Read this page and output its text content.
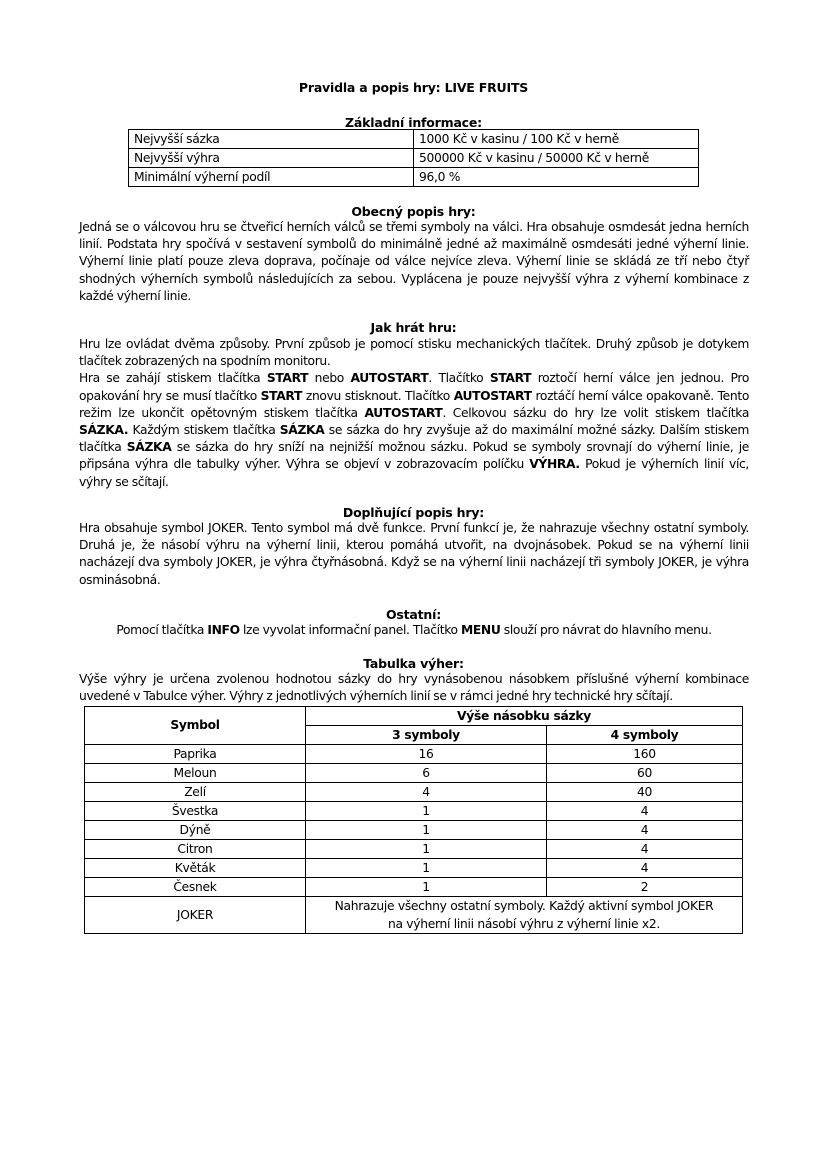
Pravidla a popis hry: LIVE FRUITS
Základní informace:
Nejvyšší sázka	1000 Kč v kasinu / 100 Kč v herně
Nejvyšší výhra	500000 Kč v kasinu / 50000 Kč v herně
Minimální výherní podíl	96,0 %
Obecný popis hry:
Jedná se o válcovou hru se čtveřicí herních válců se třemi symboly na válci. Hra obsahuje osmdesát jedna herních linií. Podstata hry spočívá v sestavení symbolů do minimálně jedné až maximálně osmdesáti jedné výherní linie. Výherní linie platí pouze zleva doprava, počínaje od válce nejvíce zleva. Výherní linie se skládá ze tří nebo čtyř shodných výherních symbolů následujících za sebou. Vyplácena je pouze nejvyšší výhra z výherní kombinace z každé výherní linie.
Jak hrát hru:
Hru lze ovládat dvěma způsoby. První způsob je pomocí stisku mechanických tlačítek. Druhý způsob je dotykem tlačítek zobrazených na spodním monitoru.
Hra se zahájí stiskem tlačítka START nebo AUTOSTART. Tlačítko START roztočí herní válce jen jednou. Pro opakování hry se musí tlačítko START znovu stisknout. Tlačítko AUTOSTART roztáčí herní válce opakovaně. Tento režim lze ukončit opětovným stiskem tlačítka AUTOSTART. Celkovou sázku do hry lze volit stiskem tlačítka SÁZKA. Každým stiskem tlačítka SÁZKA se sázka do hry zvyšuje až do maximální možné sázky. Dalším stiskem tlačítka SÁZKA se sázka do hry sníží na nejnižší možnou sázku. Pokud se symboly srovnají do výherní linie, je připsána výhra dle tabulky výher. Výhra se objeví v zobrazovacím políčku VÝHRA. Pokud je výherních linií víc, výhry se sčítají.
Doplňující popis hry:
Hra obsahuje symbol JOKER. Tento symbol má dvě funkce. První funkcí je, že nahrazuje všechny ostatní symboly. Druhá je, že násobí výhru na výherní linii, kterou pomáhá utvořit, na dvojnásobek. Pokud se na výherní linii nacházejí dva symboly JOKER, je výhra čtyřnásobná. Když se na výherní linii nacházejí tři symboly JOKER, je výhra osminásobná.
Ostatní:
Pomocí tlačítka INFO lze vyvolat informační panel. Tlačítko MENU slouží pro návrat do hlavního menu.
Tabulka výher:
Výše výhry je určena zvolenou hodnotou sázky do hry vynásobenou násobkem příslušné výherní kombinace uvedené v Tabulce výher. Výhry z jednotlivých výherních linií se v rámci jedné hry technické hry sčítají.
Symbol	Výše násobku sázky	
	3 symboly	4 symboly
Paprika	16	160
Meloun	6	60
Zelí	4	40
Švestka	1	4
Dýně	1	4
Citron	1	4
Květák	1	4
Česnek	1	2
JOKER	Nahrazuje všechny ostatní symboly. Každý aktivní symbol JOKER
na výherní linii násobí výhru z výherní linie x2.	
